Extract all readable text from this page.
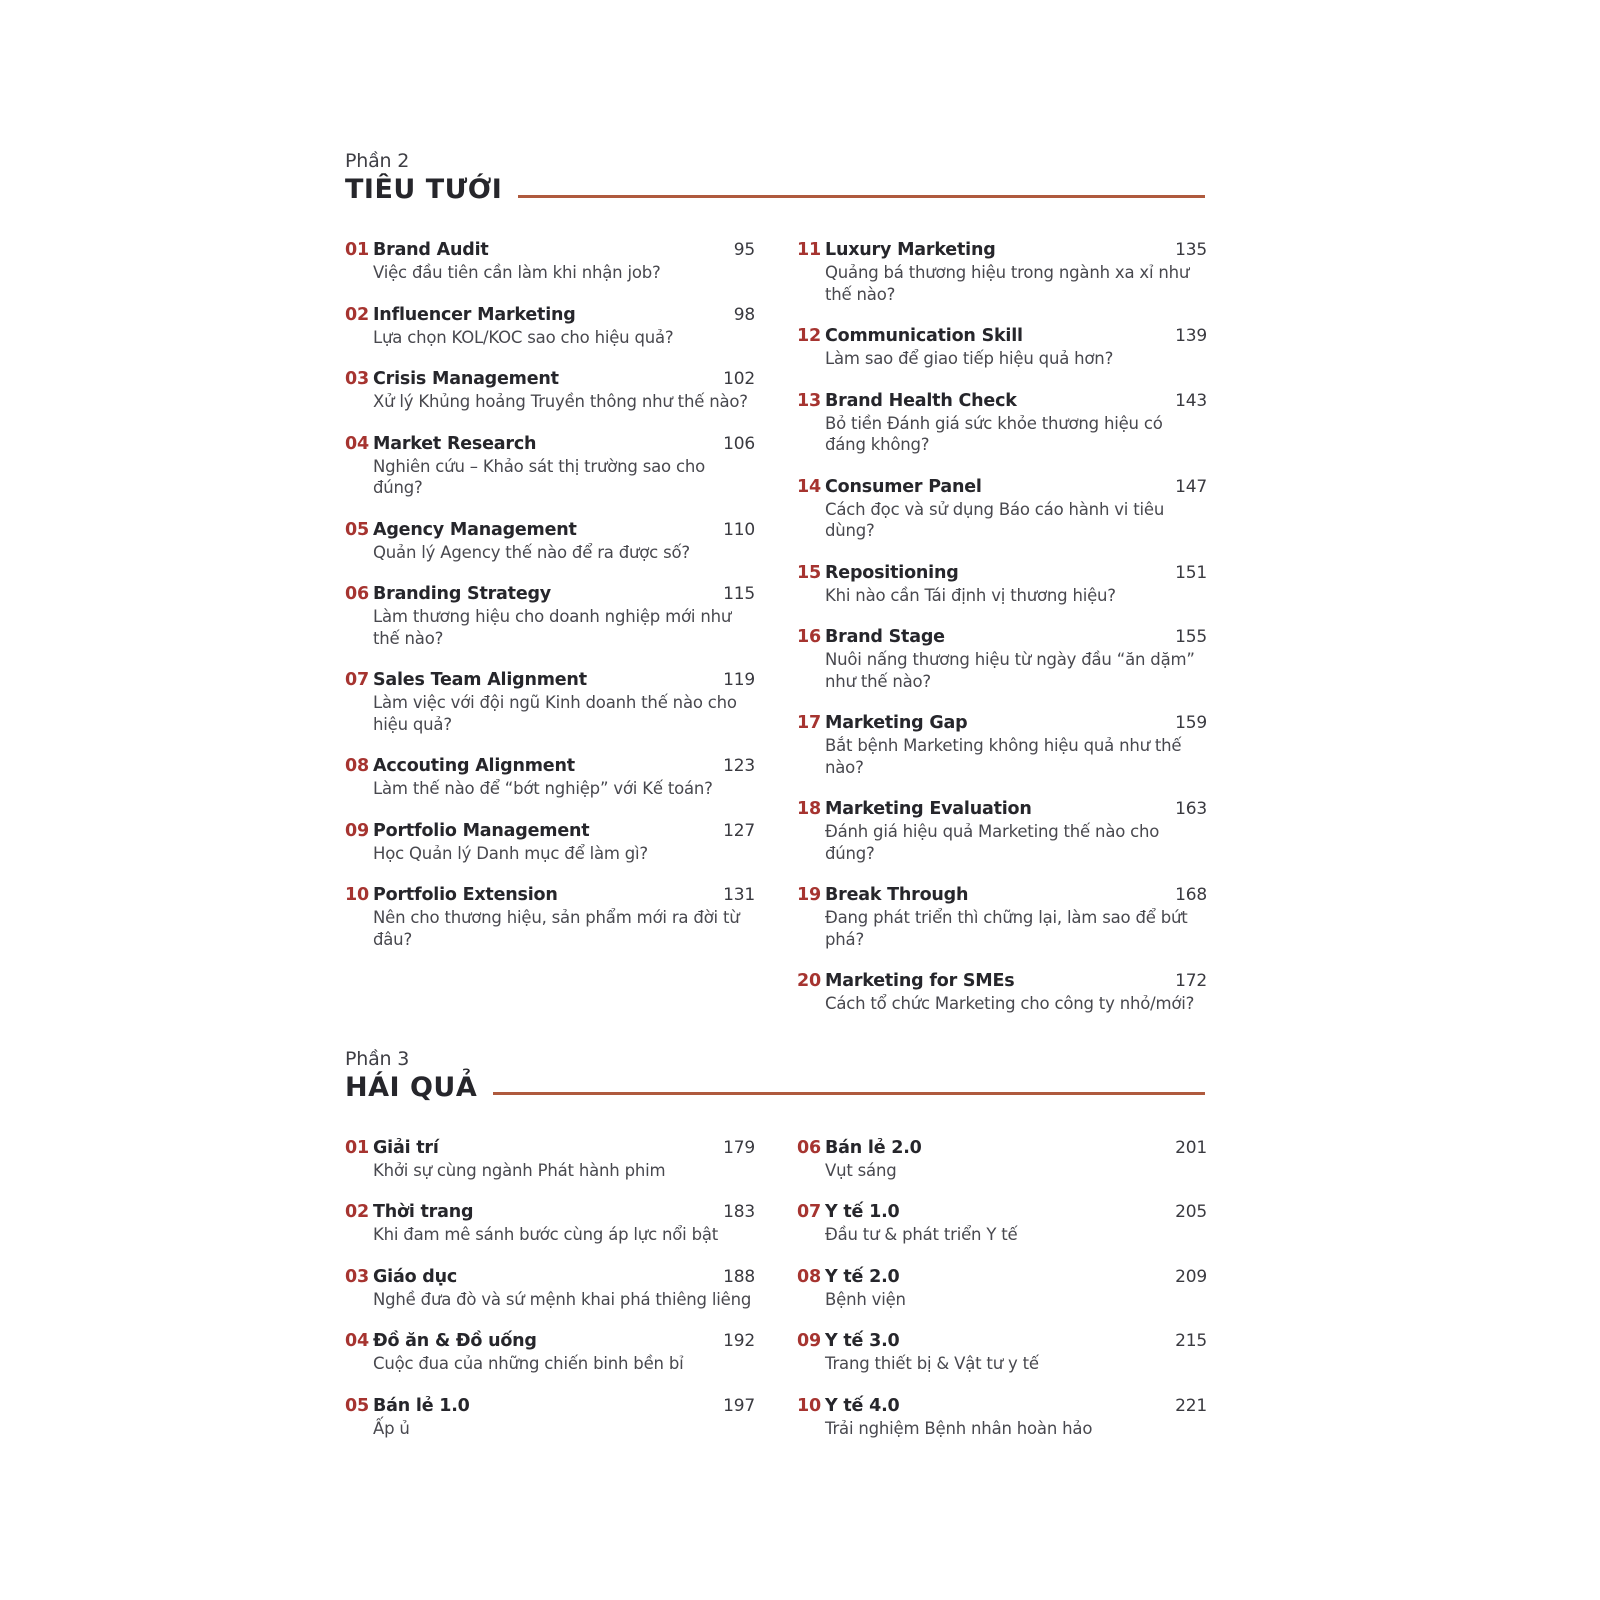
Phần 2
TIÊU TƯỚI
01 Brand Audit	95
Việc đầu tiên cần làm khi nhận job?
02 Influencer Marketing	98
Lựa chọn KOL/KOC sao cho hiệu quả?
03 Crisis Management	102
Xử lý Khủng hoảng Truyền thông như thế nào?
04 Market Research	106
Nghiên cứu – Khảo sát thị trường sao cho đúng?
05 Agency Management	110
Quản lý Agency thế nào để ra được số?
06 Branding Strategy	115
Làm thương hiệu cho doanh nghiệp mới như thế nào?
07 Sales Team Alignment	119
Làm việc với đội ngũ Kinh doanh thế nào cho hiệu quả?
08 Accouting Alignment	123
Làm thế nào để “bớt nghiệp” với Kế toán?
09 Portfolio Management	127
Học Quản lý Danh mục để làm gì?
10 Portfolio Extension	131
Nên cho thương hiệu, sản phẩm mới ra đời từ đâu?
11 Luxury Marketing	135
Quảng bá thương hiệu trong ngành xa xỉ như thế nào?
12 Communication Skill	139
Làm sao để giao tiếp hiệu quả hơn?
13 Brand Health Check	143
Bỏ tiền Đánh giá sức khỏe thương hiệu có đáng không?
14 Consumer Panel	147
Cách đọc và sử dụng Báo cáo hành vi tiêu dùng?
15 Repositioning	151
Khi nào cần Tái định vị thương hiệu?
16 Brand Stage	155
Nuôi nấng thương hiệu từ ngày đầu “ăn dặm” như thế nào?
17 Marketing Gap	159
Bắt bệnh Marketing không hiệu quả như thế nào?
18 Marketing Evaluation	163
Đánh giá hiệu quả Marketing thế nào cho đúng?
19 Break Through	168
Đang phát triển thì chững lại, làm sao để bứt phá?
20 Marketing for SMEs	172
Cách tổ chức Marketing cho công ty nhỏ/mới?
Phần 3
HÁI QUẢ
01 Giải trí	179
Khởi sự cùng ngành Phát hành phim
02 Thời trang	183
Khi đam mê sánh bước cùng áp lực nổi bật
03 Giáo dục	188
Nghề đưa đò và sứ mệnh khai phá thiêng liêng
04 Đồ ăn & Đồ uống	192
Cuộc đua của những chiến binh bền bỉ
05 Bán lẻ 1.0	197
Ấp ủ
06 Bán lẻ 2.0	201
Vụt sáng
07 Y tế 1.0	205
Đầu tư & phát triển Y tế
08 Y tế 2.0	209
Bệnh viện
09 Y tế 3.0	215
Trang thiết bị & Vật tư y tế
10 Y tế 4.0	221
Trải nghiệm Bệnh nhân hoàn hảo
